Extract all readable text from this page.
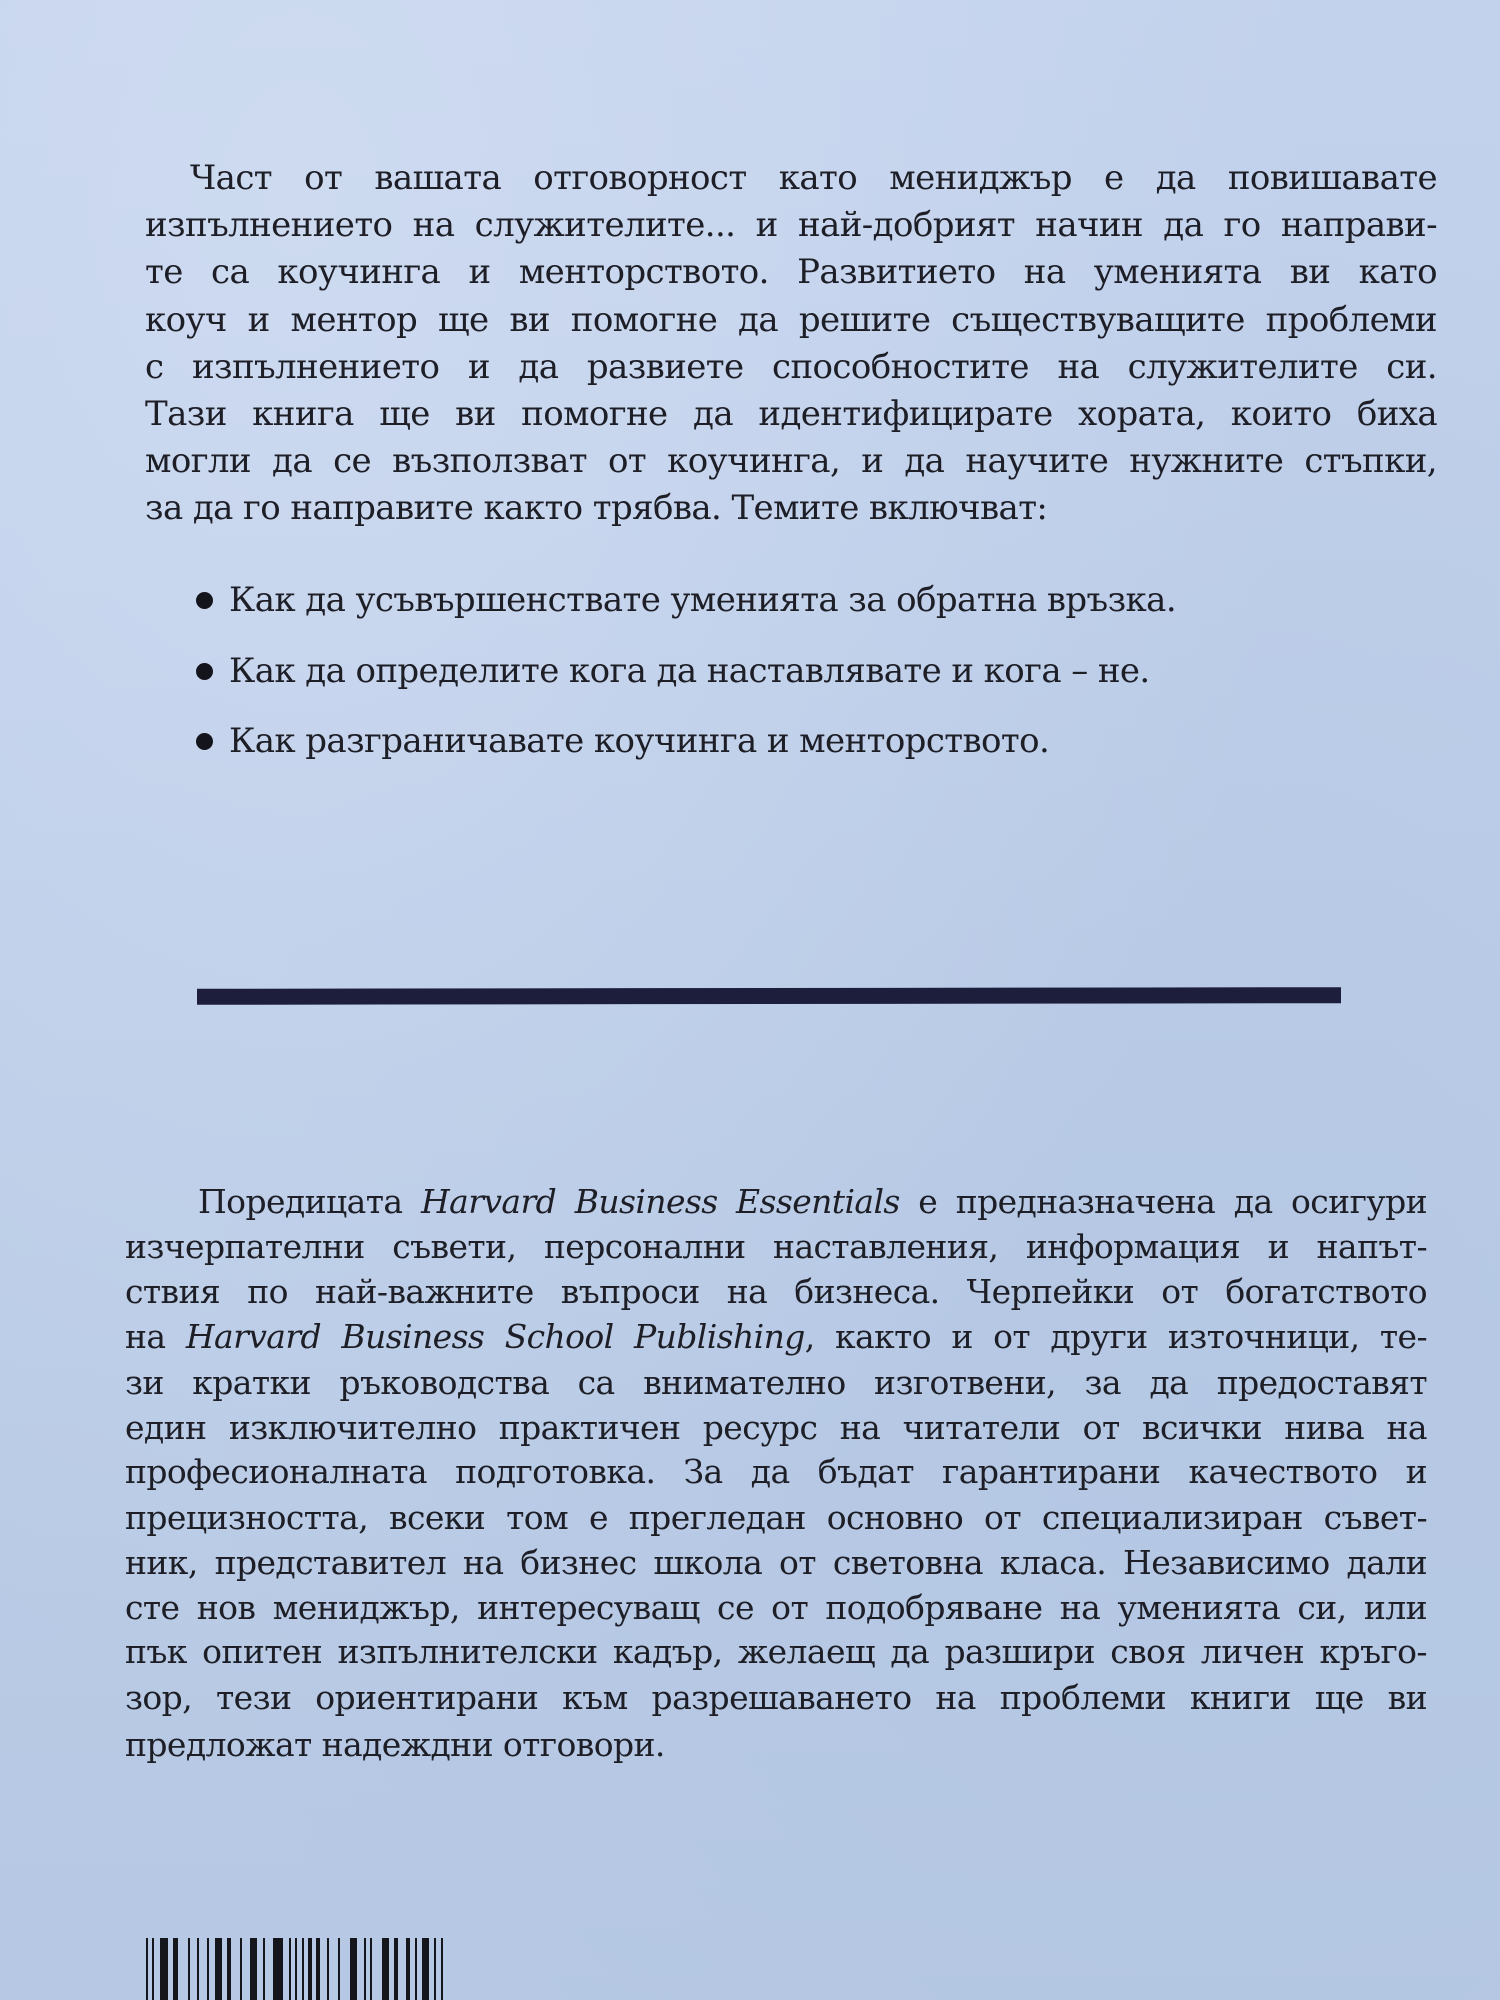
Част от вашата отговорност като мениджър е да повишавате
изпълнението на служителите... и най-добрият начин да го направи-
те са коучинга и менторството. Развитието на уменията ви като
коуч и ментор ще ви помогне да решите съществуващите проблеми
с изпълнението и да развиете способностите на служителите си.
Тази книга ще ви помогне да идентифицирате хората, които биха
могли да се възползват от коучинга, и да научите нужните стъпки,
за да го направите както трябва. Темите включват:
Как да усъвършенствате уменията за обратна връзка.
Как да определите кога да наставлявате и кога – не.
Как разграничавате коучинга и менторството.
Поредицата Harvard Business Essentials е предназначена да осигури
изчерпателни съвети, персонални наставления, информация и напът-
ствия по най-важните въпроси на бизнеса. Черпейки от богатството
на Harvard Business School Publishing, както и от други източници, те-
зи кратки ръководства са внимателно изготвени, за да предоставят
един изключително практичен ресурс на читатели от всички нива на
професионалната подготовка. За да бъдат гарантирани качеството и
прецизността, всеки том е прегледан основно от специализиран съвет-
ник, представител на бизнес школа от световна класа. Независимо дали
сте нов мениджър, интересуващ се от подобряване на уменията си, или
пък опитен изпълнителски кадър, желаещ да разшири своя личен кръго-
зор, тези ориентирани към разрешаването на проблеми книги ще ви
предложат надеждни отговори.
